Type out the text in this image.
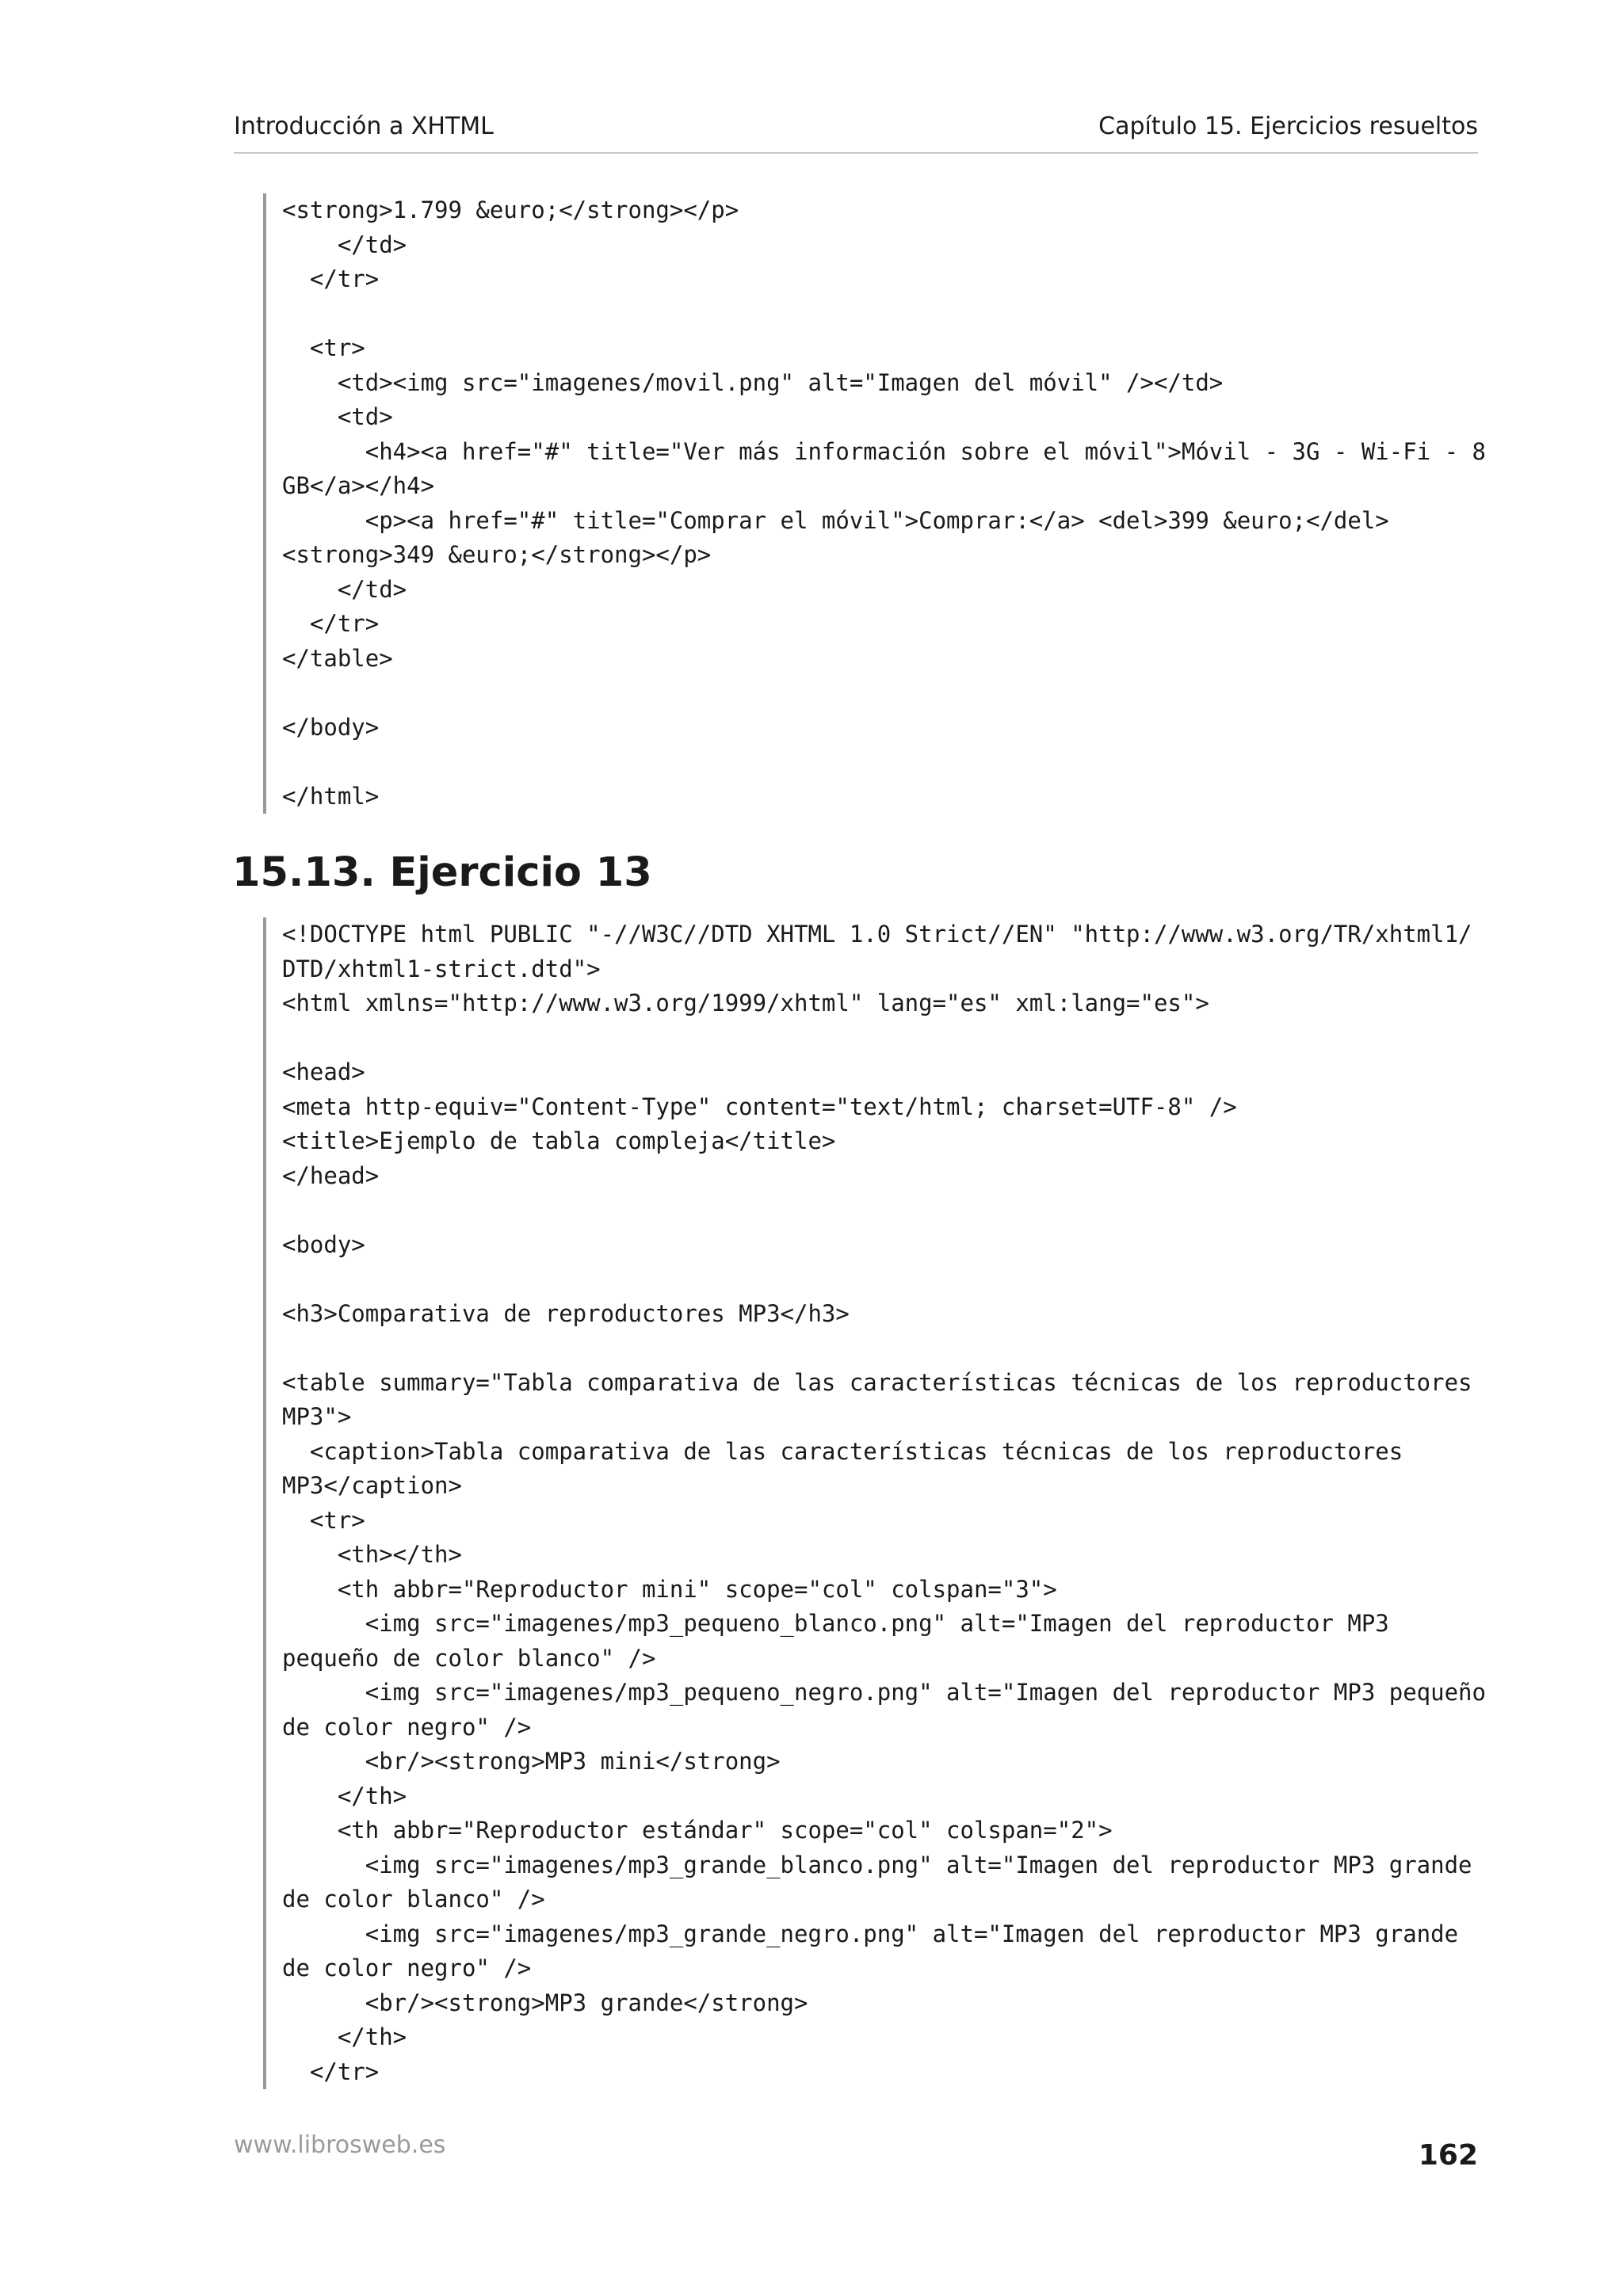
Introducción a XHTML	Capítulo 15. Ejercicios resueltos
<strong>1.799 &euro;</strong></p>
</td>
</tr>
<tr>
<td><img src="imagenes/movil.png" alt="Imagen del móvil" /></td>
<td>
<h4><a href="#" title="Ver más información sobre el móvil">Móvil - 3G - Wi-Fi - 8
GB</a></h4>
<p><a href="#" title="Comprar el móvil">Comprar:</a> <del>399 &euro;</del>
<strong>349 &euro;</strong></p>
</td>
</tr>
</table>
</body>
</html>
15.13. Ejercicio 13
<!DOCTYPE html PUBLIC "-//W3C//DTD XHTML 1.0 Strict//EN" "http://www.w3.org/TR/xhtml1/
DTD/xhtml1-strict.dtd">
<html xmlns="http://www.w3.org/1999/xhtml" lang="es" xml:lang="es">
<head>
<meta http-equiv="Content-Type" content="text/html; charset=UTF-8" />
<title>Ejemplo de tabla compleja</title>
</head>
<body>
<h3>Comparativa de reproductores MP3</h3>
<table summary="Tabla comparativa de las características técnicas de los reproductores
MP3">
<caption>Tabla comparativa de las características técnicas de los reproductores
MP3</caption>
<tr>
<th></th>
<th abbr="Reproductor mini" scope="col" colspan="3">
<img src="imagenes/mp3_pequeno_blanco.png" alt="Imagen del reproductor MP3
pequeño de color blanco" />
<img src="imagenes/mp3_pequeno_negro.png" alt="Imagen del reproductor MP3 pequeño
de color negro" />
<br/><strong>MP3 mini</strong>
</th>
<th abbr="Reproductor estándar" scope="col" colspan="2">
<img src="imagenes/mp3_grande_blanco.png" alt="Imagen del reproductor MP3 grande
de color blanco" />
<img src="imagenes/mp3_grande_negro.png" alt="Imagen del reproductor MP3 grande
de color negro" />
<br/><strong>MP3 grande</strong>
</th>
</tr>
www.librosweb.es	162
